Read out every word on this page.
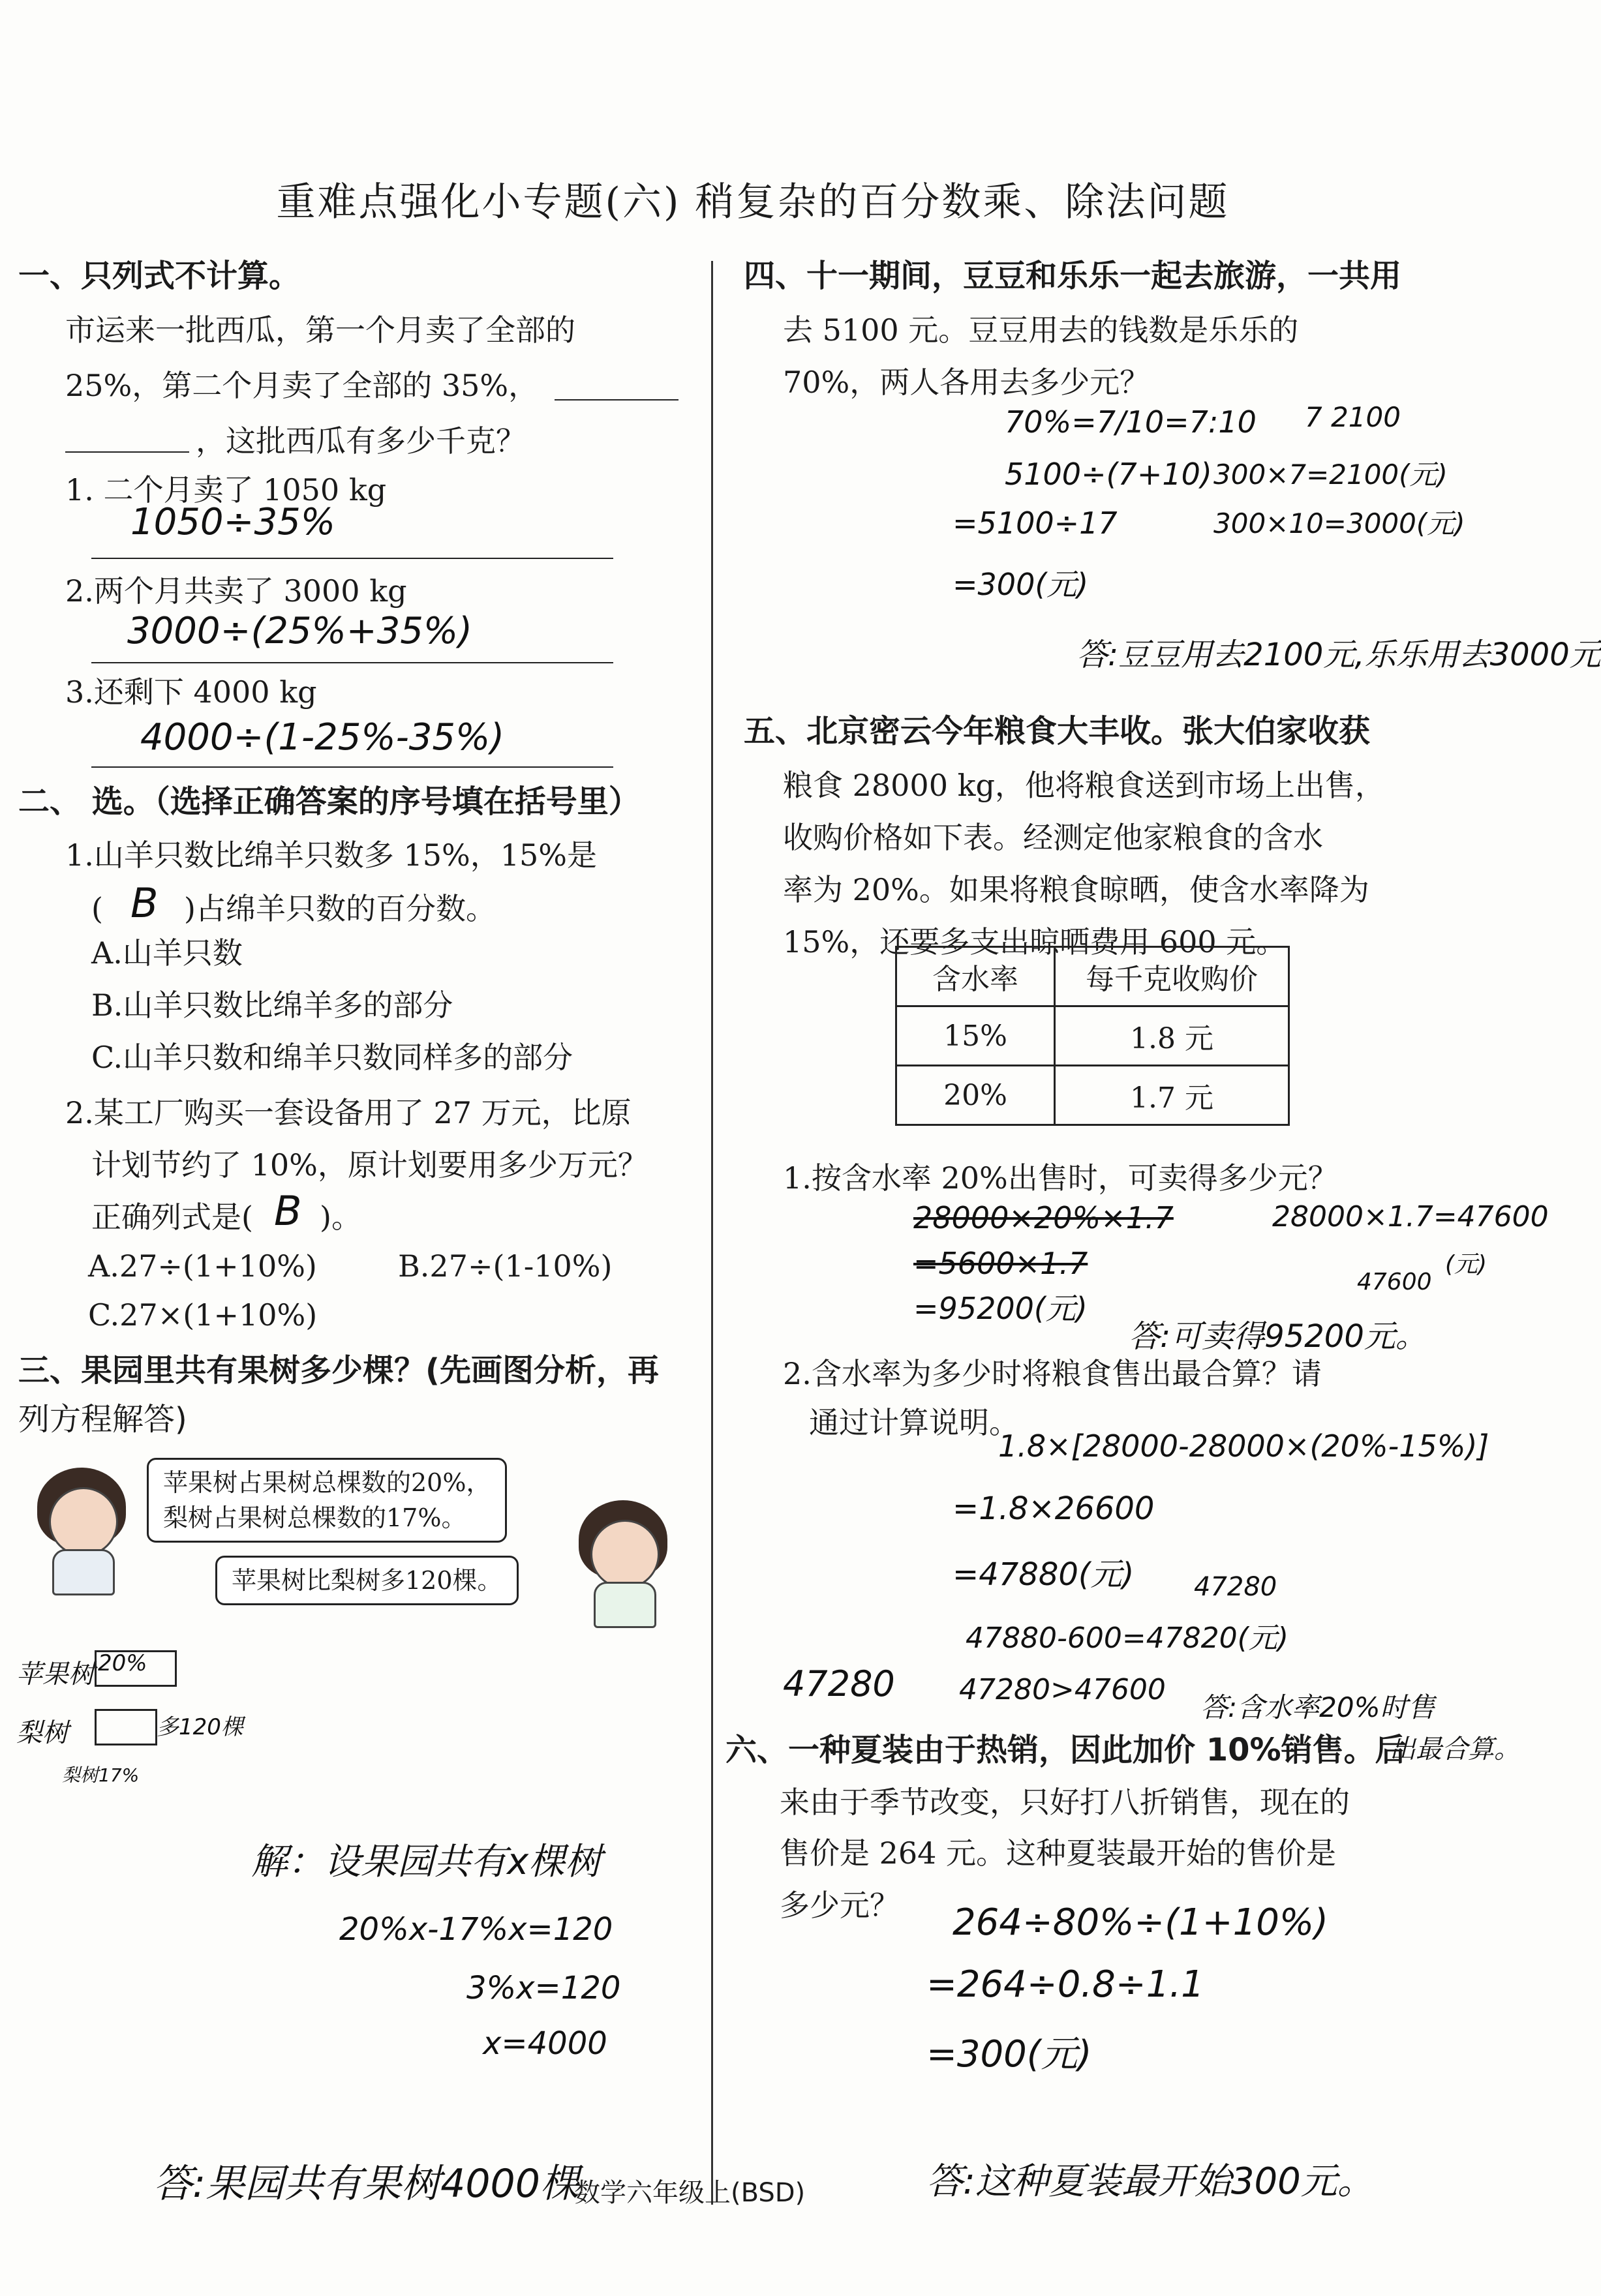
重难点强化小专题(六) 稍复杂的百分数乘、除法问题
一、只列式不计算。
市运来一批西瓜，第一个月卖了全部的
25%，第二个月卖了全部的 35%，
，这批西瓜有多少千克？
1. 二个月卖了 1050 kg
1050÷35%
2.两个月共卖了 3000 kg
3000÷(25%+35%)
3.还剩下 4000 kg
4000÷(1-25%-35%)
二、 选。（选择正确答案的序号填在括号里）
1.山羊只数比绵羊只数多 15%，15%是
( B )占绵羊只数的百分数。
A.山羊只数
B.山羊只数比绵羊多的部分
C.山羊只数和绵羊只数同样多的部分
2.某工厂购买一套设备用了 27 万元，比原
计划节约了 10%，原计划要用多少万元？
正确列式是( B )。
A.27÷(1+10%)	B.27÷(1-10%)
C.27×(1+10%)
三、果园里共有果树多少棵？(先画图分析，再
列方程解答)
苹果树占果树总棵数的20%，
梨树占果树总棵数的17%。
苹果树比梨树多120棵。
苹果树 20%
梨树	多120棵
梨树17%
解：设果园共有x棵树
20%x-17%x=120
3%x=120
x=4000
答:果园共有果树4000棵
四、十一期间，豆豆和乐乐一起去旅游，一共用
去 5100 元。豆豆用去的钱数是乐乐的
70%，两人各用去多少元？
70%=7/10=7:10
5100÷(7+10)
=5100÷17
=300(元)
7 2100
300×7=2100(元)
300×10=3000(元)
答:豆豆用去2100元,乐乐用去3000元
五、北京密云今年粮食大丰收。张大伯家收获
粮食 28000 kg，他将粮食送到市场上出售，
收购价格如下表。经测定他家粮食的含水
率为 20%。如果将粮食晾晒，使含水率降为
15%，还要多支出晾晒费用 600 元。
含水率	每千克收购价
15%	1.8 元
20%	1.7 元
1.按含水率 20%出售时，可卖得多少元？
28000×20%×1.7
=5600×1.7
=95200(元)
28000×1.7=47600
(元)
47600
答:可卖得95200元。
2.含水率为多少时将粮食售出最合算？请
通过计算说明。
1.8×[28000-28000×(20%-15%)]
=1.8×26600
=47880(元) 47280
47880-600=47820(元)
47280 47280>47600
答:含水率20%时售
出最合算。
六、一种夏装由于热销，因此加价 10%销售。后
来由于季节改变，只好打八折销售，现在的
售价是 264 元。这种夏装最开始的售价是
多少元？ 264÷80%÷(1+10%)
=264÷0.8÷1.1
=300(元)
答:这种夏装最开始300元。
数学六年级上(BSD)
